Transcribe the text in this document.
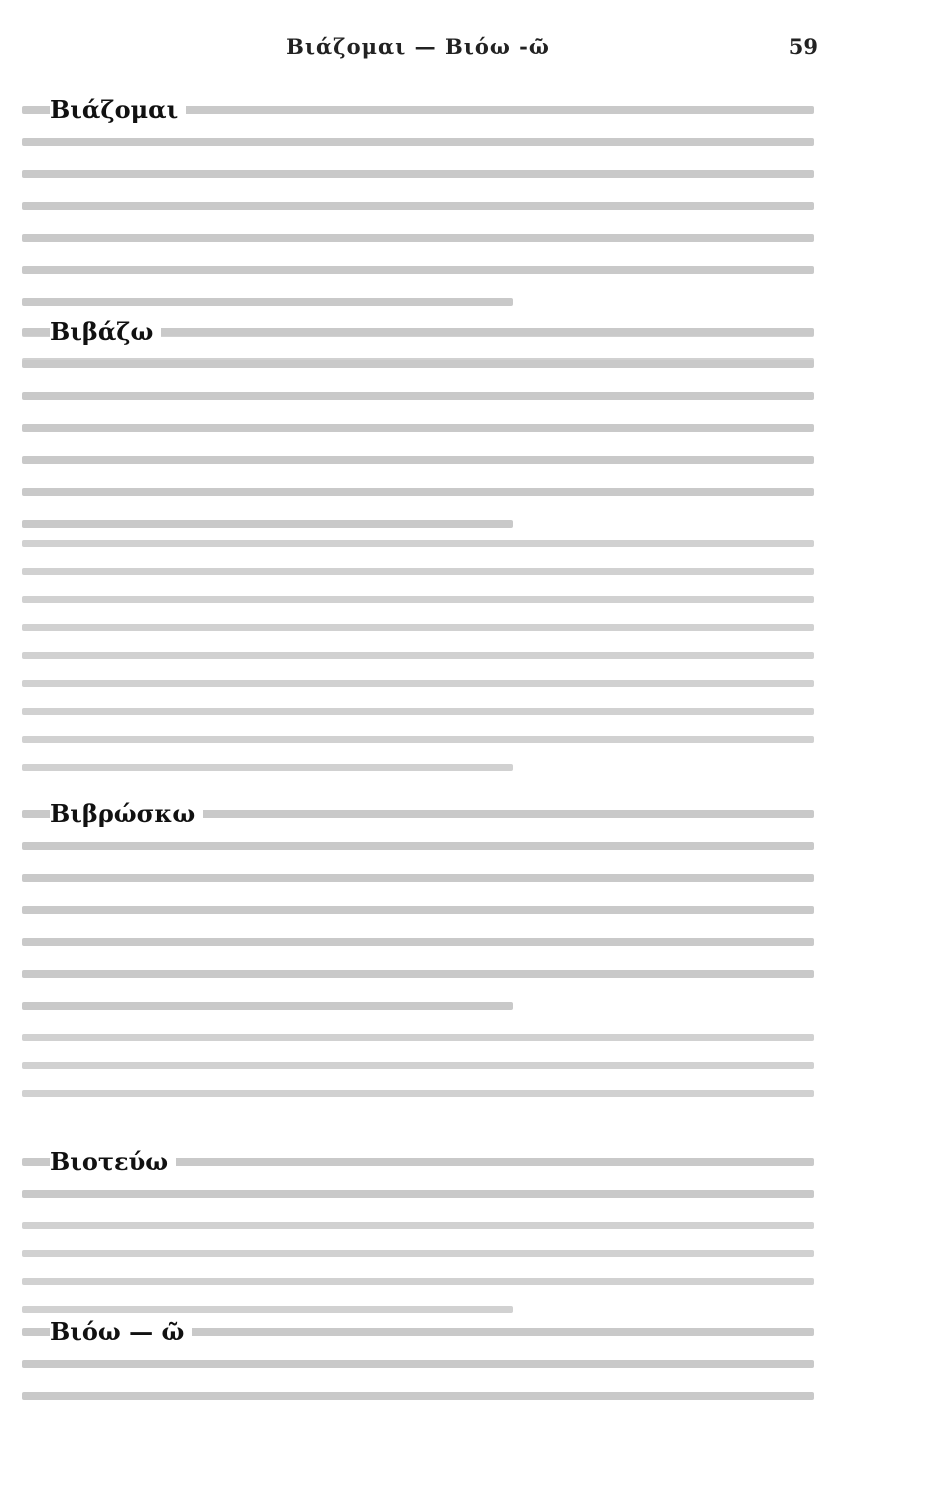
Βιάζομαι — Βιόω -ῶ	59
Βιάζομαι
Βιβάζω
Βιβρώσκω
Βιοτεύω
Βιόω — ῶ
